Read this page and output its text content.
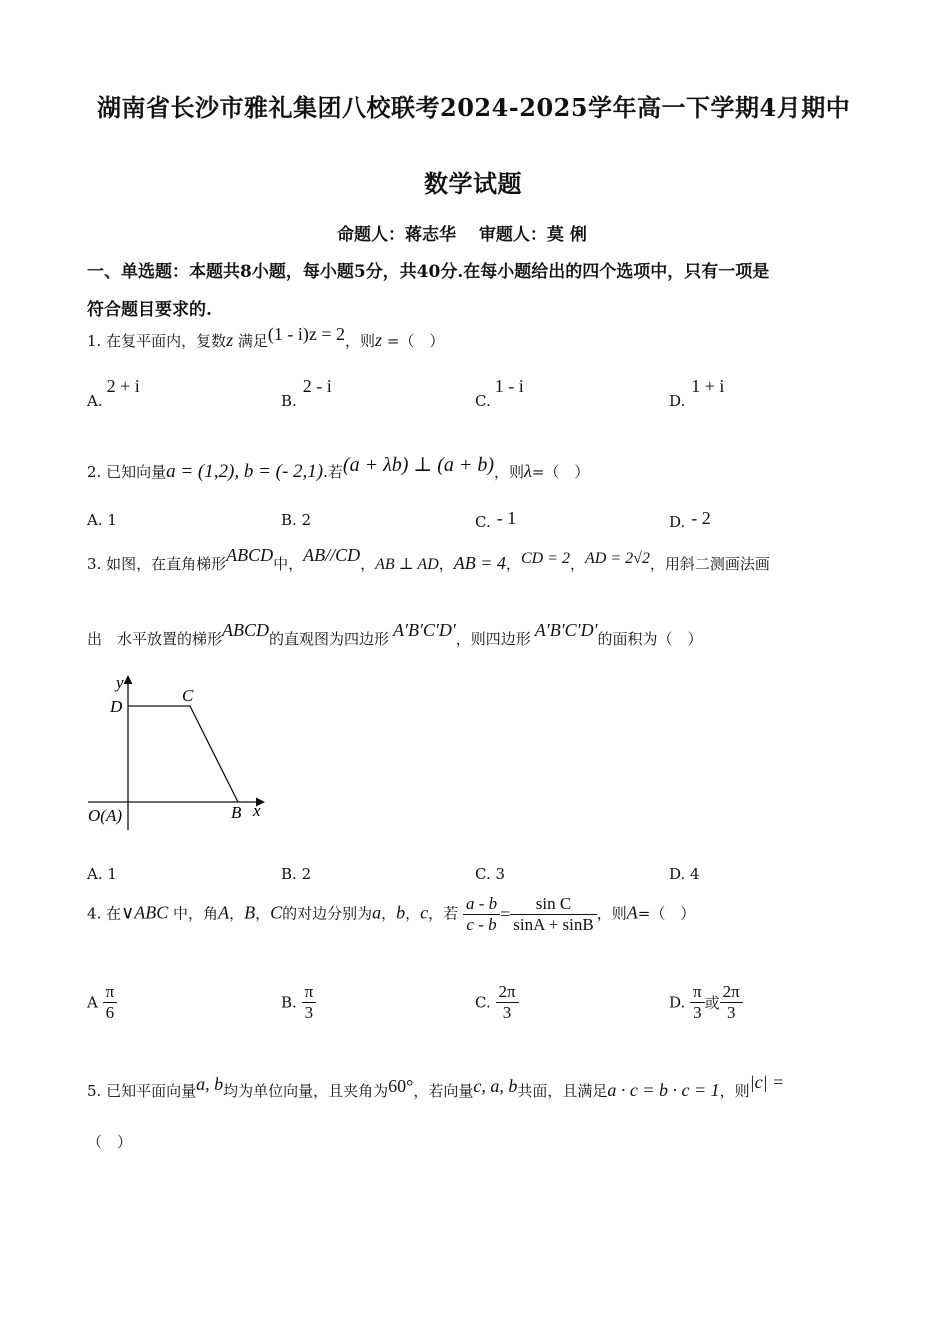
湖南省长沙市雅礼集团八校联考2024-2025学年高一下学期4月期中
数学试题
命题人：蒋志华　 审题人：莫 俐
一、单选题：本题共8小题，每小题5分，共40分.在每小题给出的四个选项中，只有一项是
符合题目要求的.
1. 在复平面内，复数z 满足(1 - i)z = 2，则z =（　）
A.2 + i
B.2 - i
C.1 - i
D.1 + i
2. 已知向量a = (1,2), b = (- 2,1).若(a + λb) ⊥ (a + b)，则λ=（　）
A. 1	B. 2	C. - 1	D. - 2
3. 如图，在直角梯形ABCD中，AB//CD，AB ⊥ AD，AB = 4，CD = 2，AD = 2√2，用斜二测画法画
出　水平放置的梯形ABCD的直观图为四边形 A′B′C′D′，则四边形 A′B′C′D′的面积为（　）
y
D
C
B x
O(A)
A. 1	B. 2	C. 3	D. 4
4. 在∨ABC 中，角A，B，C的对边分别为a，b，c，若 $\frac{a - b}{c - b} = \frac{\text{sin C}}{\sin A + \sin B}$ ，则A=（　）
A $\frac{\pi}{6}$	B. $\frac{\pi}{3}$	C. $\frac{2\pi}{3}$	D. $\frac{\pi}{3}$ 或 $\frac{2\pi}{3}$
5. 已知平面向量a, b均为单位向量，且夹角为60°，若向量c, a, b共面，且满足a · c = b · c = 1，则|c| =
（　）
